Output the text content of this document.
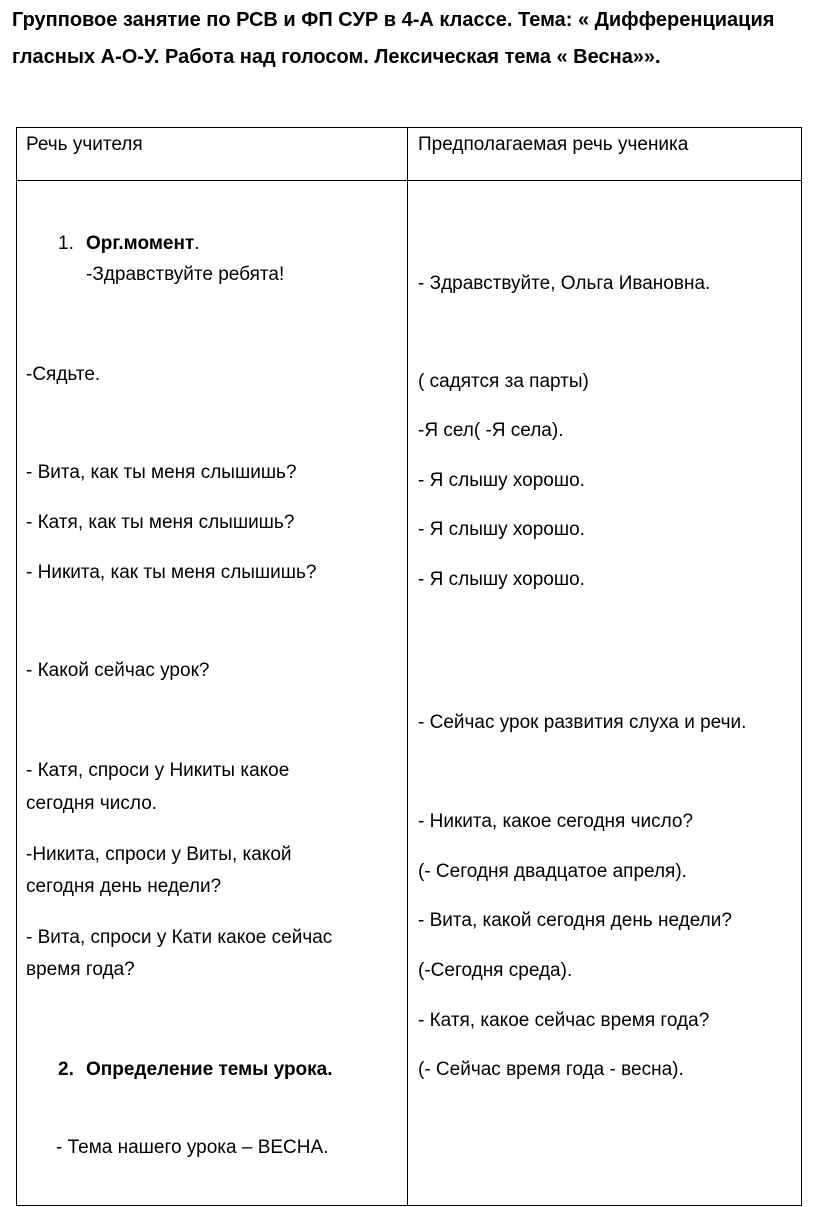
Групповое занятие по РСВ и ФП СУР в 4-А классе. Тема: « Дифференциация
гласных А-О-У. Работа над голосом. Лексическая тема « Весна»».
Речь учителя	Предполагаемая речь ученика
1. Орг.момент.
-Здравствуйте ребята!
-Сядьте.
- Вита, как ты меня слышишь?
- Катя, как ты меня слышишь?
- Никита, как ты меня слышишь?
- Какой сейчас урок?
- Катя, спроси у Никиты какое
сегодня число.
-Никита, спроси у Виты, какой
сегодня день недели?
- Вита, спроси у Кати какое сейчас
время года?
2. Определение темы урока.
- Тема нашего урока – ВЕСНА.
- Здравствуйте, Ольга Ивановна.
( садятся за парты)
-Я сел( -Я села).
- Я слышу хорошо.
- Я слышу хорошо.
- Я слышу хорошо.
- Сейчас урок развития слуха и речи.
- Никита, какое сегодня число?
(- Сегодня двадцатое апреля).
- Вита, какой сегодня день недели?
(-Сегодня среда).
- Катя, какое сейчас время года?
(- Сейчас время года - весна).
